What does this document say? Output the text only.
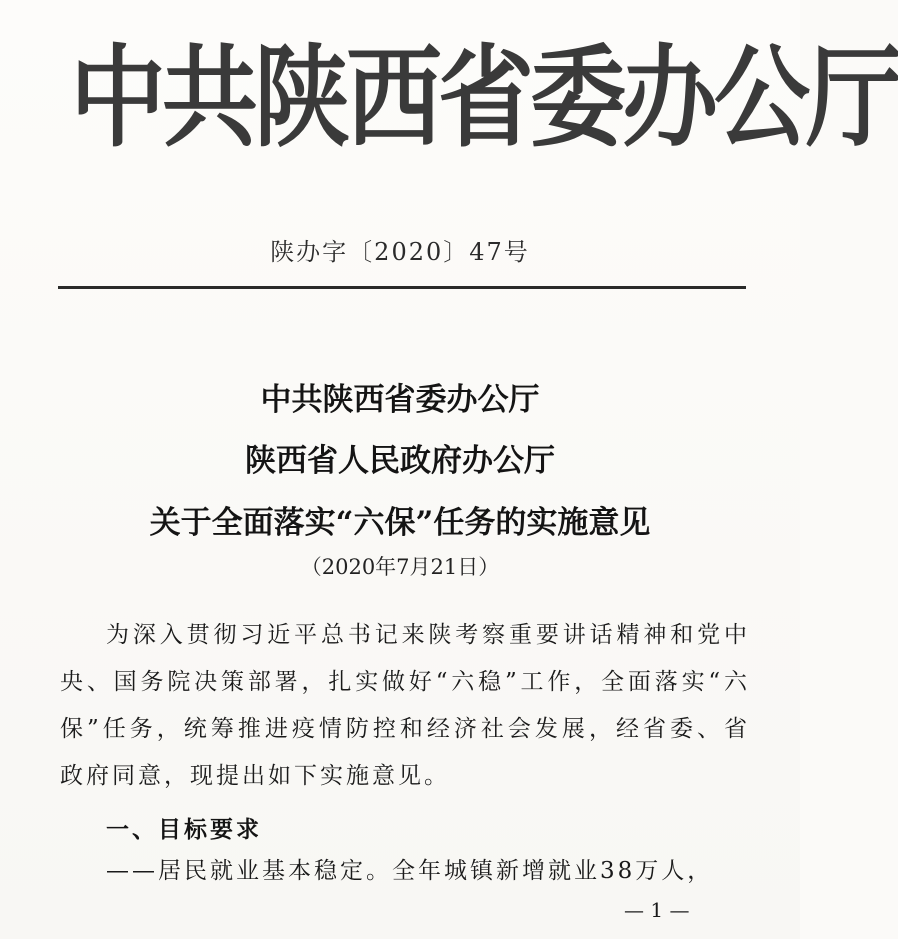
中共陕西省委办公厅
陕办字〔2020〕47号
中共陕西省委办公厅
陕西省人民政府办公厅
关于全面落实“六保”任务的实施意见
（2020年7月21日）
为深入贯彻习近平总书记来陕考察重要讲话精神和党中央、国务院决策部署，扎实做好“六稳”工作，全面落实“六保”任务，统筹推进疫情防控和经济社会发展，经省委、省政府同意，现提出如下实施意见。
一、目标要求
——居民就业基本稳定。全年城镇新增就业38万人，
— 1 —
